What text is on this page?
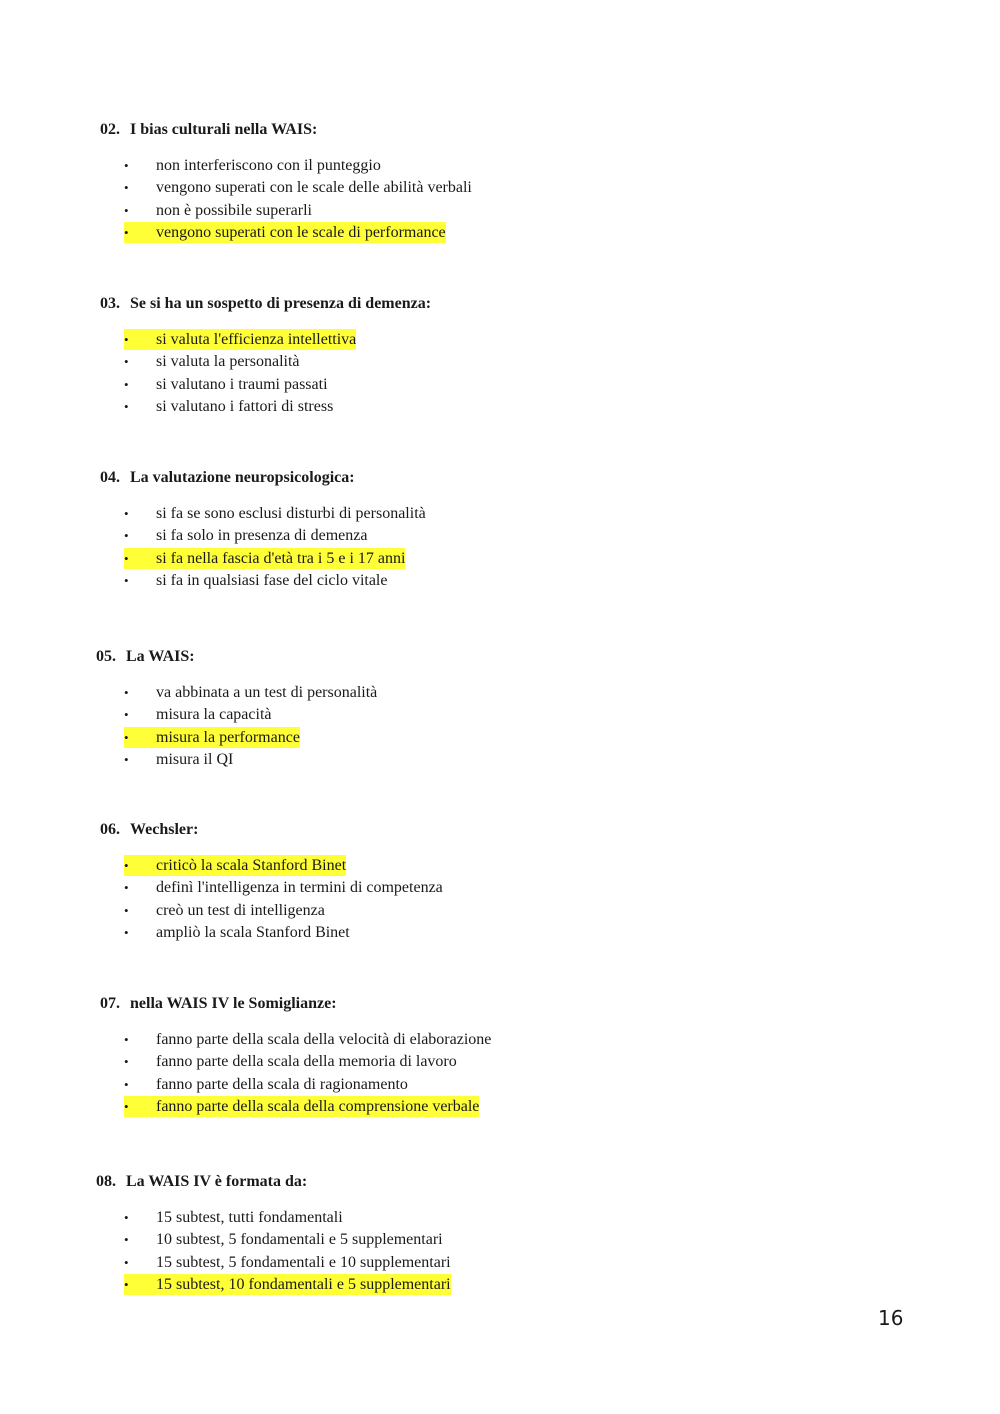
02. I bias culturali nella WAIS:
• non interferiscono con il punteggio
• vengono superati con le scale delle abilità verbali
• non è possibile superarli
• vengono superati con le scale di performance
03. Se si ha un sospetto di presenza di demenza:
• si valuta l'efficienza intellettiva
• si valuta la personalità
• si valutano i traumi passati
• si valutano i fattori di stress
04. La valutazione neuropsicologica:
• si fa se sono esclusi disturbi di personalità
• si fa solo in presenza di demenza
• si fa nella fascia d'età tra i 5 e i 17 anni
• si fa in qualsiasi fase del ciclo vitale
05. La WAIS:
• va abbinata a un test di personalità
• misura la capacità
• misura la performance
• misura il QI
06. Wechsler:
• criticò la scala Stanford Binet
• definì l'intelligenza in termini di competenza
• creò un test di intelligenza
• ampliò la scala Stanford Binet
07. nella WAIS IV le Somiglianze:
• fanno parte della scala della velocità di elaborazione
• fanno parte della scala della memoria di lavoro
• fanno parte della scala di ragionamento
• fanno parte della scala della comprensione verbale
08. La WAIS IV è formata da:
• 15 subtest, tutti fondamentali
• 10 subtest, 5 fondamentali e 5 supplementari
• 15 subtest, 5 fondamentali e 10 supplementari
• 15 subtest, 10 fondamentali e 5 supplementari
16
